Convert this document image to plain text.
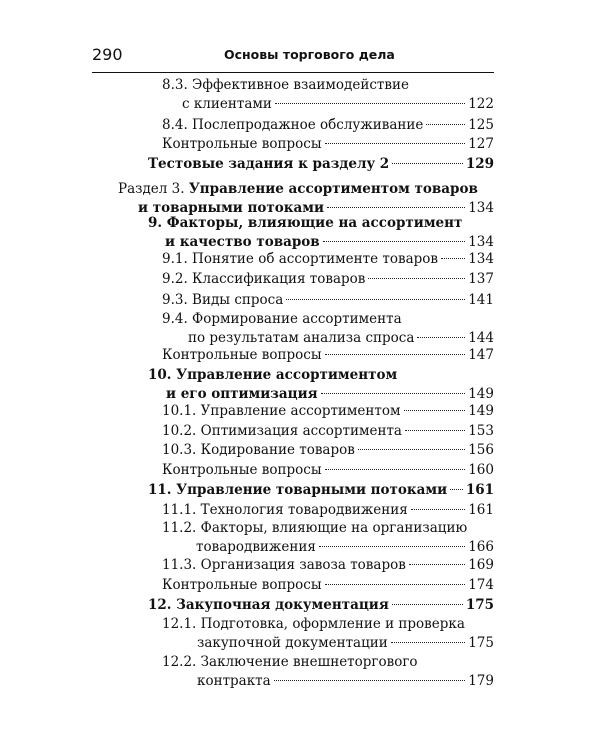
290	Основы торгового дела
8.3. Эффективное взаимодействие
с клиентами	122
8.4. Послепродажное обслуживание	125
Контрольные вопросы	127
Тестовые задания к разделу 2	129
Раздел 3. Управление ассортиментом товаров
и товарными потоками	134
9. Факторы, влияющие на ассортимент
и качество товаров	134
9.1. Понятие об ассортименте товаров 134
9.2. Классификация товаров	137
9.3. Виды спроса	141
9.4. Формирование ассортимента
по результатам анализа спроса	144
Контрольные вопросы	147
10. Управление ассортиментом
и его оптимизация	149
10.1. Управление ассортиментом	149
10.2. Оптимизация ассортимента	153
10.3. Кодирование товаров	156
Контрольные вопросы	160
11. Управление товарными потоками 161
11.1. Технология товародвижения	161
11.2. Факторы, влияющие на организацию
товародвижения	166
11.3. Организация завоза товаров	169
Контрольные вопросы	174
12. Закупочная документация	175
12.1. Подготовка, оформление и проверка
закупочной документации	175
12.2. Заключение внешнеторгового
контракта	179
